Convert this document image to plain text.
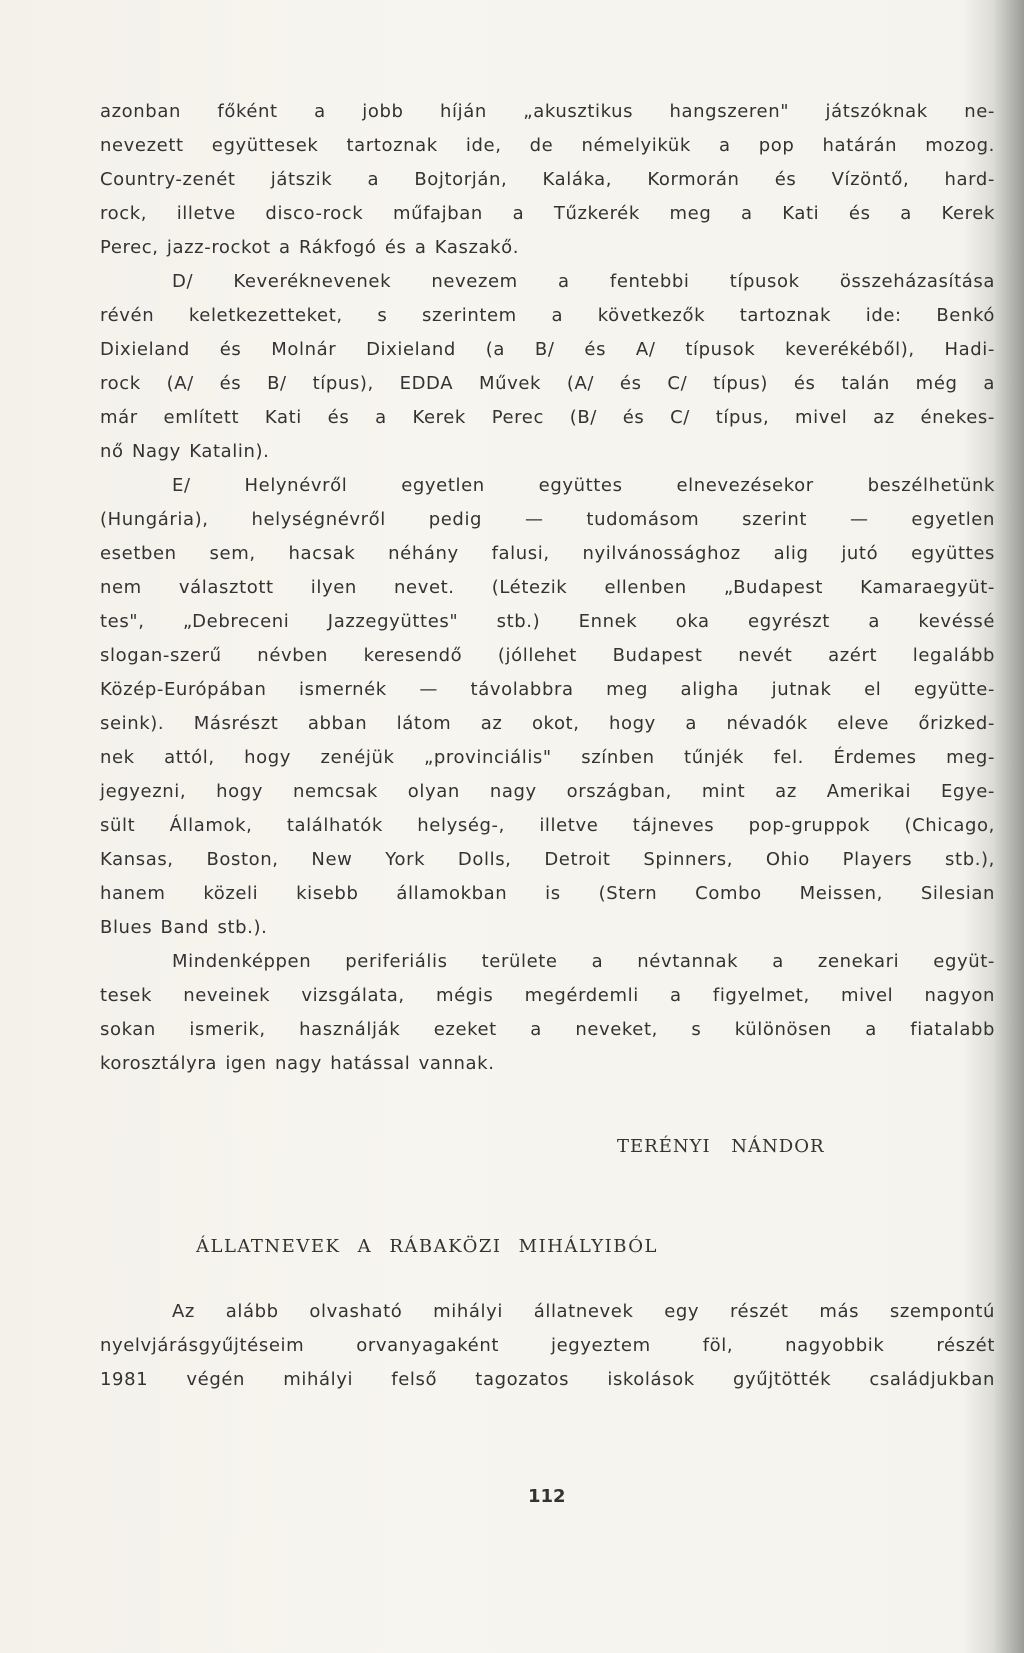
azonban főként a jobb híján „akusztikus hangszeren" játszóknak ne-
nevezett együttesek tartoznak ide, de némelyikük a pop határán mozog.
Country-zenét játszik a Bojtorján, Kaláka, Kormorán és Vízöntő, hard-
rock, illetve disco-rock műfajban a Tűzkerék meg a Kati és a Kerek
Perec, jazz-rockot a Rákfogó és a Kaszakő.
D/ Keveréknevenek nevezem a fentebbi típusok összeházasítása
révén keletkezetteket, s szerintem a következők tartoznak ide: Benkó
Dixieland és Molnár Dixieland (a B/ és A/ típusok keverékéből), Hadi-
rock (A/ és B/ típus), EDDA Művek (A/ és C/ típus) és talán még a
már említett Kati és a Kerek Perec (B/ és C/ típus, mivel az énekes-
nő Nagy Katalin).
E/ Helynévről egyetlen együttes elnevezésekor beszélhetünk
(Hungária), helységnévről pedig — tudomásom szerint — egyetlen
esetben sem, hacsak néhány falusi, nyilvánossághoz alig jutó együttes
nem választott ilyen nevet. (Létezik ellenben „Budapest Kamaraegyüt-
tes", „Debreceni Jazzegyüttes" stb.) Ennek oka egyrészt a kevéssé
slogan-szerű névben keresendő (jóllehet Budapest nevét azért legalább
Közép-Európában ismernék — távolabbra meg aligha jutnak el együtte-
seink). Másrészt abban látom az okot, hogy a névadók eleve őrizked-
nek attól, hogy zenéjük „provinciális" színben tűnjék fel. Érdemes meg-
jegyezni, hogy nemcsak olyan nagy országban, mint az Amerikai Egye-
sült Államok, találhatók helység-, illetve tájneves pop-gruppok (Chicago,
Kansas, Boston, New York Dolls, Detroit Spinners, Ohio Players stb.),
hanem közeli kisebb államokban is (Stern Combo Meissen, Silesian
Blues Band stb.).
Mindenképpen periferiális területe a névtannak a zenekari együt-
tesek neveinek vizsgálata, mégis megérdemli a figyelmet, mivel nagyon
sokan ismerik, használják ezeket a neveket, s különösen a fiatalabb
korosztályra igen nagy hatással vannak.
TERÉNYI NÁNDOR
ÁLLATNEVEK A RÁBAKÖZI MIHÁLYIBÓL
Az alább olvasható mihályi állatnevek egy részét más szempontú
nyelvjárásgyűjtéseim orvanyagaként jegyeztem föl, nagyobbik részét
1981 végén mihályi felső tagozatos iskolások gyűjtötték családjukban
112
